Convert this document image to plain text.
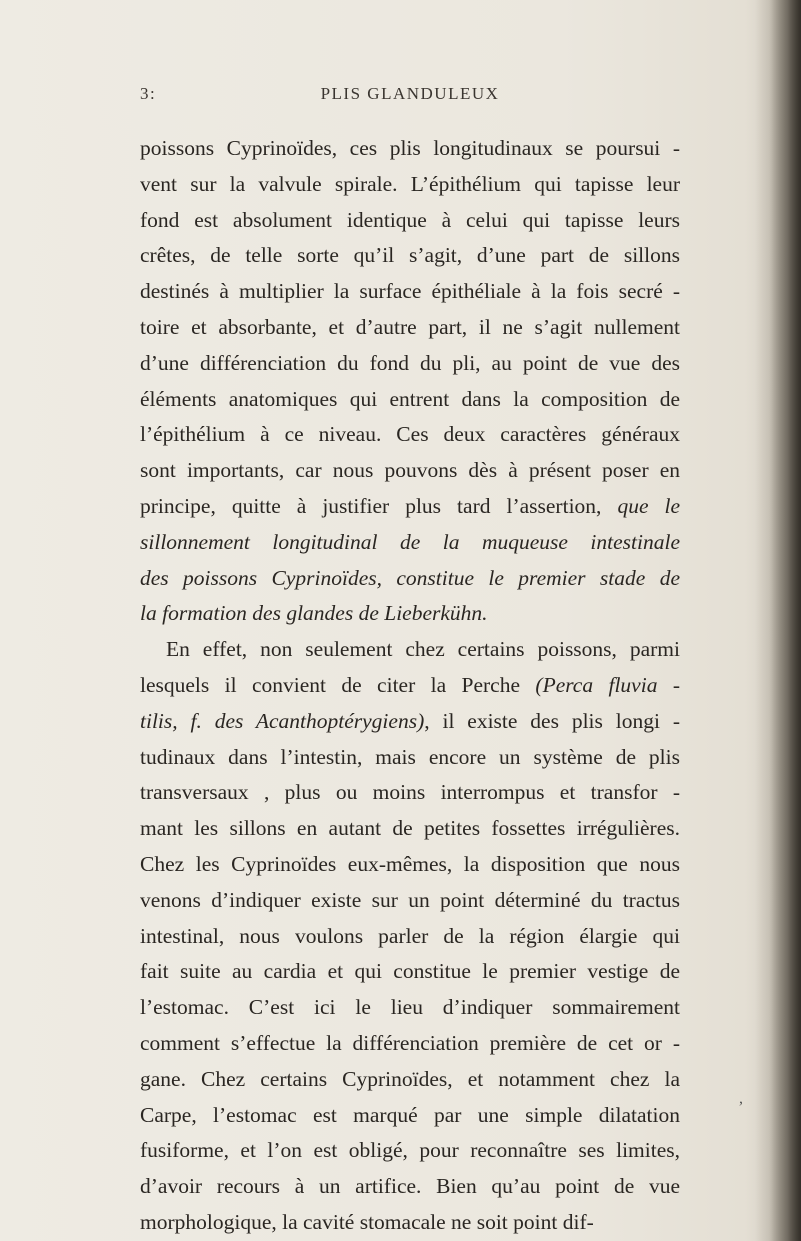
3:	PLIS GLANDULEUX
poissons Cyprinoïdes, ces plis longitudinaux se poursui -
vent sur la valvule spirale. L’épithélium qui tapisse leur
fond est absolument identique à celui qui tapisse leurs
crêtes, de telle sorte qu’il s’agit, d’une part de sillons
destinés à multiplier la surface épithéliale à la fois secré -
toire et absorbante, et d’autre part, il ne s’agit nullement
d’une différenciation du fond du pli, au point de vue des
éléments anatomiques qui entrent dans la composition de
l’épithélium à ce niveau. Ces deux caractères généraux
sont importants, car nous pouvons dès à présent poser en
principe, quitte à justifier plus tard l’assertion, que le
sillonnement longitudinal de la muqueuse intestinale
des poissons Cyprinoïdes, constitue le premier stade de
la formation des glandes de Lieberkühn.
En effet, non seulement chez certains poissons, parmi
lesquels il convient de citer la Perche (Perca fluvia -
tilis, f. des Acanthoptérygiens), il existe des plis longi -
tudinaux dans l’intestin, mais encore un système de plis
transversaux , plus ou moins interrompus et transfor -
mant les sillons en autant de petites fossettes irrégulières.
Chez les Cyprinoïdes eux-mêmes, la disposition que nous
venons d’indiquer existe sur un point déterminé du tractus
intestinal, nous voulons parler de la région élargie qui
fait suite au cardia et qui constitue le premier vestige de
l’estomac. C’est ici le lieu d’indiquer sommairement
comment s’effectue la différenciation première de cet or -
gane. Chez certains Cyprinoïdes, et notamment chez la
Carpe, l’estomac est marqué par une simple dilatation
fusiforme, et l’on est obligé, pour reconnaître ses limites,
d’avoir recours à un artifice. Bien qu’au point de vue
morphologique, la cavité stomacale ne soit point dif-
,
